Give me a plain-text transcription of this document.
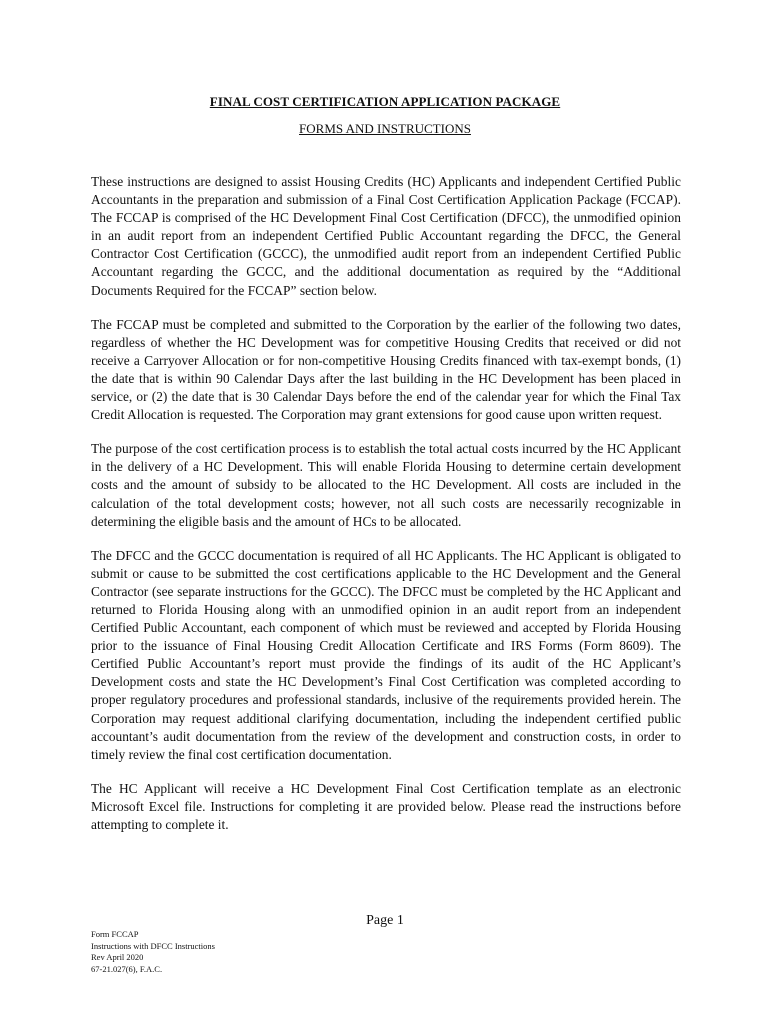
FINAL COST CERTIFICATION APPLICATION PACKAGE
FORMS AND INSTRUCTIONS

These instructions are designed to assist Housing Credits (HC) Applicants and independent Certified Public Accountants in the preparation and submission of a Final Cost Certification Application Package (FCCAP). The FCCAP is comprised of the HC Development Final Cost Certification (DFCC), the unmodified opinion in an audit report from an independent Certified Public Accountant regarding the DFCC, the General Contractor Cost Certification (GCCC), the unmodified audit report from an independent Certified Public Accountant regarding the GCCC, and the additional documentation as required by the “Additional Documents Required for the FCCAP” section below.

The FCCAP must be completed and submitted to the Corporation by the earlier of the following two dates, regardless of whether the HC Development was for competitive Housing Credits that received or did not receive a Carryover Allocation or for non-competitive Housing Credits financed with tax-exempt bonds, (1) the date that is within 90 Calendar Days after the last building in the HC Development has been placed in service, or (2) the date that is 30 Calendar Days before the end of the calendar year for which the Final Tax Credit Allocation is requested. The Corporation may grant extensions for good cause upon written request.

The purpose of the cost certification process is to establish the total actual costs incurred by the HC Applicant in the delivery of a HC Development. This will enable Florida Housing to determine certain development costs and the amount of subsidy to be allocated to the HC Development. All costs are included in the calculation of the total development costs; however, not all such costs are necessarily recognizable in determining the eligible basis and the amount of HCs to be allocated.

The DFCC and the GCCC documentation is required of all HC Applicants. The HC Applicant is obligated to submit or cause to be submitted the cost certifications applicable to the HC Development and the General Contractor (see separate instructions for the GCCC). The DFCC must be completed by the HC Applicant and returned to Florida Housing along with an unmodified opinion in an audit report from an independent Certified Public Accountant, each component of which must be reviewed and accepted by Florida Housing prior to the issuance of Final Housing Credit Allocation Certificate and IRS Forms (Form 8609). The Certified Public Accountant’s report must provide the findings of its audit of the HC Applicant’s Development costs and state the HC Development’s Final Cost Certification was completed according to proper regulatory procedures and professional standards, inclusive of the requirements provided herein. The Corporation may request additional clarifying documentation, including the independent certified public accountant’s audit documentation from the review of the development and construction costs, in order to timely review the final cost certification documentation.

The HC Applicant will receive a HC Development Final Cost Certification template as an electronic Microsoft Excel file. Instructions for completing it are provided below. Please read the instructions before attempting to complete it.

Page 1
Form FCCAP
Instructions with DFCC Instructions
Rev April 2020
67-21.027(6), F.A.C.
